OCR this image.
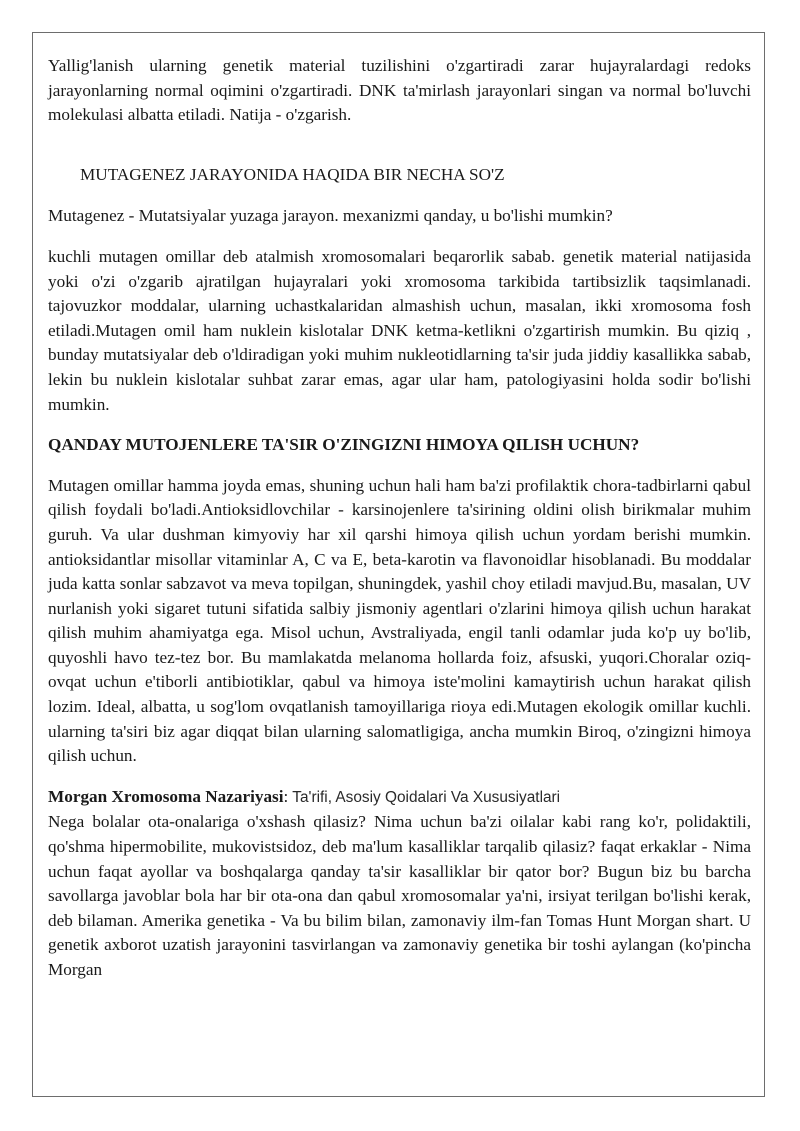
Yallig'lanish ularning genetik material tuzilishini o'zgartiradi zarar hujayralardagi redoks jarayonlarning normal oqimini o'zgartiradi. DNK ta'mirlash jarayonlari singan va normal bo'luvchi molekulasi albatta etiladi. Natija - o'zgarish.

MUTAGENEZ JARAYONIDA HAQIDA BIR NECHA SO'Z

Mutagenez - Mutatsiyalar yuzaga jarayon. mexanizmi qanday, u bo'lishi mumkin?

kuchli mutagen omillar deb atalmish xromosomalari beqarorlik sabab. genetik material natijasida yoki o'zi o'zgarib ajratilgan hujayralari yoki xromosoma tarkibida tartibsizlik taqsimlanadi. tajovuzkor moddalar, ularning uchastkalaridan almashish uchun, masalan, ikki xromosoma fosh etiladi.Mutagen omil ham nuklein kislotalar DNK ketma-ketlikni o'zgartirish mumkin. Bu qiziq , bunday mutatsiyalar deb o'ldiradigan yoki muhim nukleotidlarning ta'sir juda jiddiy kasallikka sabab, lekin bu nuklein kislotalar suhbat zarar emas, agar ular ham, patologiyasini holda sodir bo'lishi mumkin.

QANDAY MUTOJENLERE TA'SIR O'ZINGIZNI HIMOYA QILISH UCHUN?

Mutagen omillar hamma joyda emas, shuning uchun hali ham ba'zi profilaktik chora-tadbirlarni qabul qilish foydali bo'ladi.Antioksidlovchilar - karsinojenlere ta'sirining oldini olish birikmalar muhim guruh. Va ular dushman kimyoviy har xil qarshi himoya qilish uchun yordam berishi mumkin. antioksidantlar misollar vitaminlar A, C va E, beta-karotin va flavonoidlar hisoblanadi. Bu moddalar juda katta sonlar sabzavot va meva topilgan, shuningdek, yashil choy etiladi mavjud.Bu, masalan, UV nurlanish yoki sigaret tutuni sifatida salbiy jismoniy agentlari o'zlarini himoya qilish uchun harakat qilish muhim ahamiyatga ega. Misol uchun, Avstraliyada, engil tanli odamlar juda ko'p uy bo'lib, quyoshli havo tez-tez bor. Bu mamlakatda melanoma hollarda foiz, afsuski, yuqori.Choralar oziq-ovqat uchun e'tiborli antibiotiklar, qabul va himoya iste'molini kamaytirish uchun harakat qilish lozim. Ideal, albatta, u sog'lom ovqatlanish tamoyillariga rioya edi.Mutagen ekologik omillar kuchli. ularning ta'siri biz agar diqqat bilan ularning salomatligiga, ancha mumkin Biroq, o'zingizni himoya qilish uchun.

Morgan Xromosoma Nazariyasi: Ta'rifi, Asosiy Qoidalari Va Xususiyatlari

Nega bolalar ota-onalariga o'xshash qilasiz? Nima uchun ba'zi oilalar kabi rang ko'r, polidaktili, qo'shma hipermobilite, mukovistsidoz, deb ma'lum kasalliklar tarqalib qilasiz? faqat erkaklar - Nima uchun faqat ayollar va boshqalarga qanday ta'sir kasalliklar bir qator bor? Bugun biz bu barcha savollarga javoblar bola har bir ota-ona dan qabul xromosomalar ya'ni, irsiyat terilgan bo'lishi kerak, deb bilaman. Amerika genetika - Va bu bilim bilan, zamonaviy ilm-fan Tomas Hunt Morgan shart. U genetik axborot uzatish jarayonini tasvirlangan va zamonaviy genetika bir toshi aylangan (ko'pincha Morgan
